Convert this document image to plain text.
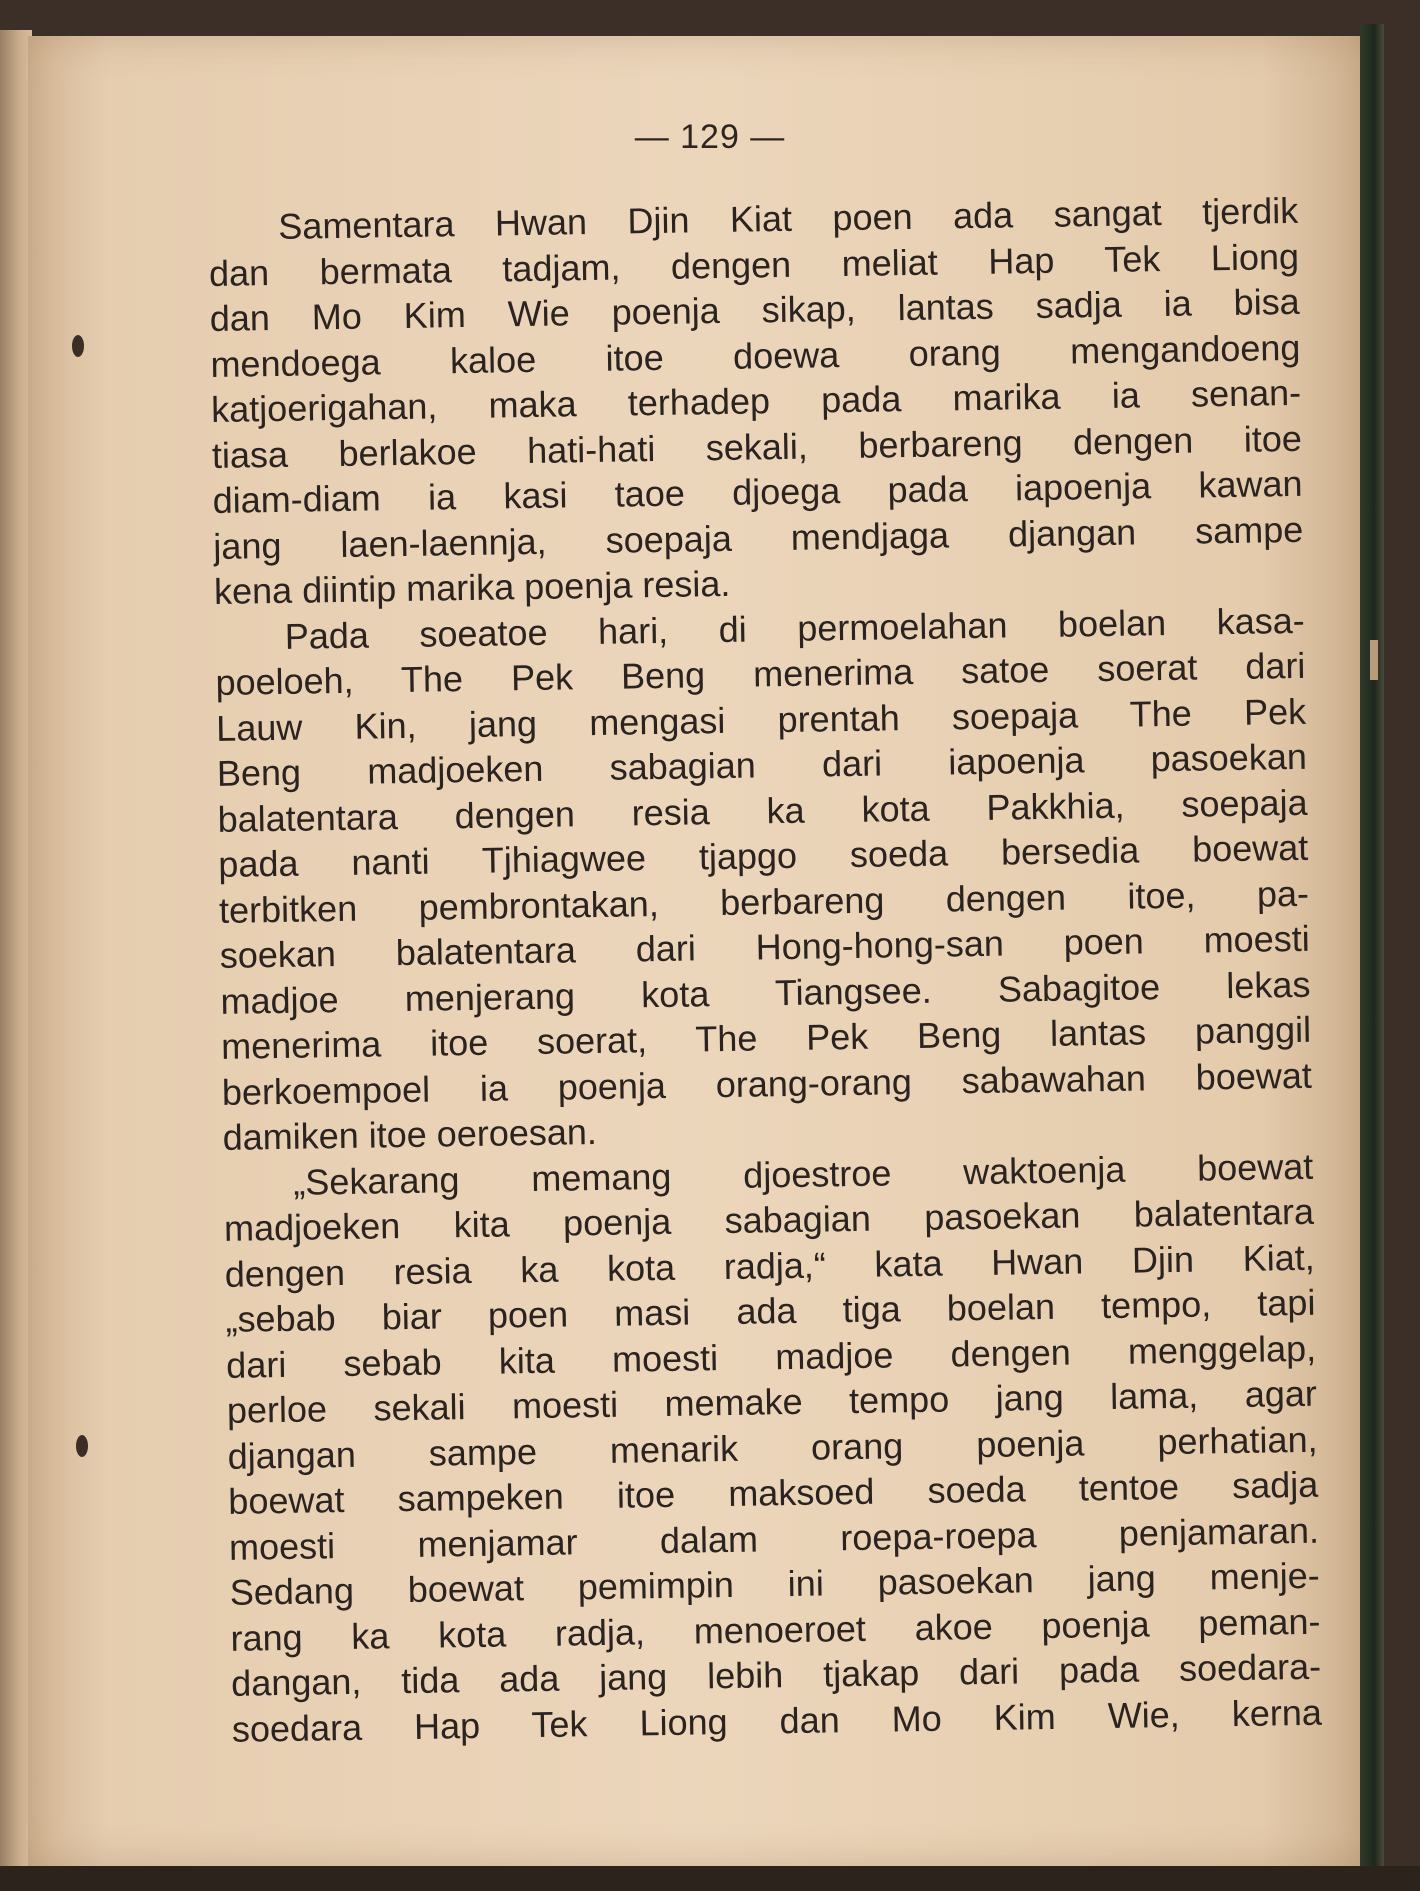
— 129 —
Samentara Hwan Djin Kiat poen ada sangat tjerdik
dan bermata tadjam, dengen meliat Hap Tek Liong
dan Mo Kim Wie poenja sikap, lantas sadja ia bisa
mendoega kaloe itoe doewa orang mengandoeng
katjoerigahan, maka terhadep pada marika ia senan-
tiasa berlakoe hati-hati sekali, berbareng dengen itoe
diam-diam ia kasi taoe djoega pada iapoenja kawan
jang laen-laennja, soepaja mendjaga djangan sampe
kena diintip marika poenja resia.
Pada soeatoe hari, di permoelahan boelan kasa-
poeloeh, The Pek Beng menerima satoe soerat dari
Lauw Kin, jang mengasi prentah soepaja The Pek
Beng madjoeken sabagian dari iapoenja pasoekan
balatentara dengen resia ka kota Pakkhia, soepaja
pada nanti Tjhiagwee tjapgo soeda bersedia boewat
terbitken pembrontakan, berbareng dengen itoe, pa-
soekan balatentara dari Hong-hong-san poen moesti
madjoe menjerang kota Tiangsee. Sabagitoe lekas
menerima itoe soerat, The Pek Beng lantas panggil
berkoempoel ia poenja orang-orang sabawahan boewat
damiken itoe oeroesan.
„Sekarang memang djoestroe waktoenja boewat
madjoeken kita poenja sabagian pasoekan balatentara
dengen resia ka kota radja,“ kata Hwan Djin Kiat,
„sebab biar poen masi ada tiga boelan tempo, tapi
dari sebab kita moesti madjoe dengen menggelap,
perloe sekali moesti memake tempo jang lama, agar
djangan sampe menarik orang poenja perhatian,
boewat sampeken itoe maksoed soeda tentoe sadja
moesti menjamar dalam roepa-roepa penjamaran.
Sedang boewat pemimpin ini pasoekan jang menje-
rang ka kota radja, menoeroet akoe poenja peman-
dangan, tida ada jang lebih tjakap dari pada soedara-
soedara Hap Tek Liong dan Mo Kim Wie, kerna
